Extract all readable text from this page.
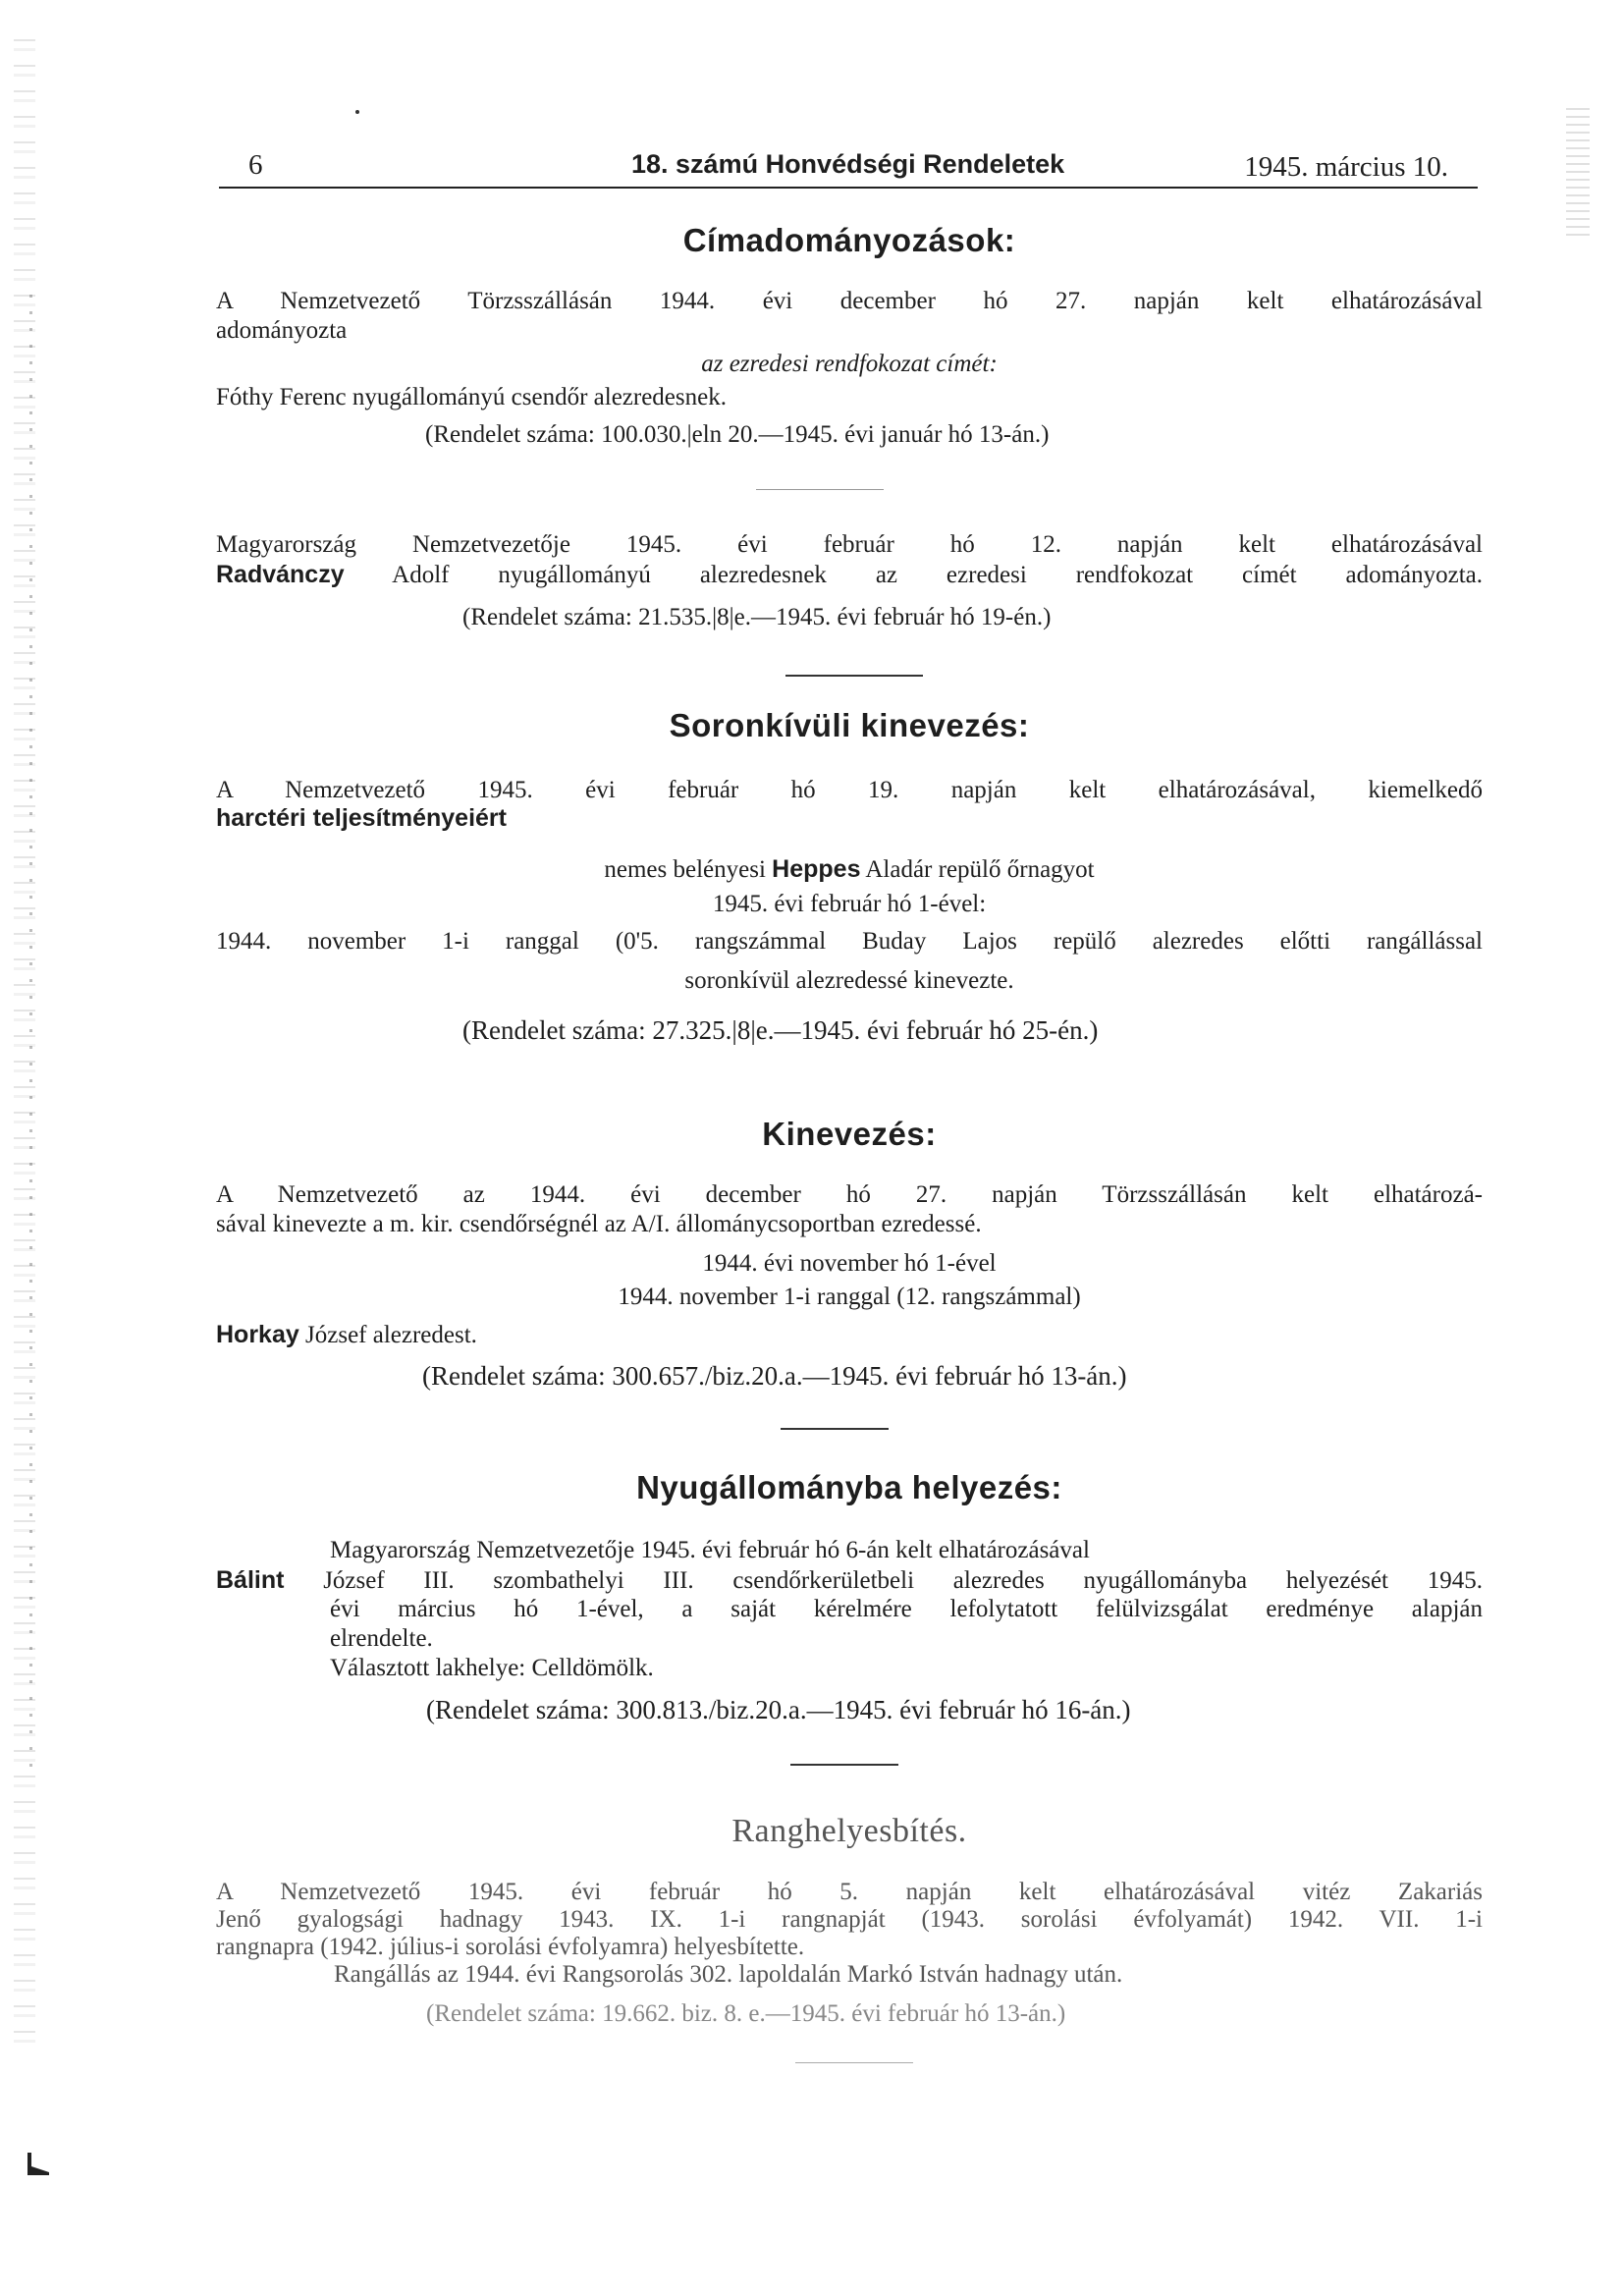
6	18. számú Honvédségi Rendeletek	1945. március 10.
Címadományozások:
A Nemzetvezető Törzsszállásán 1944. évi december hó 27. napján kelt elhatározásával
adományozta
az ezredesi rendfokozat címét:
Fóthy Ferenc nyugállományú csendőr alezredesnek.
(Rendelet száma: 100.030.|eln 20.—1945. évi január hó 13-án.)
Magyarország Nemzetvezetője 1945. évi február hó 12. napján kelt elhatározásával
Radvánczy Adolf nyugállományú alezredesnek az ezredesi rendfokozat címét adományozta.
(Rendelet száma: 21.535.|8|e.—1945. évi február hó 19-én.)
Soronkívüli kinevezés:
A Nemzetvezető 1945. évi február hó 19. napján kelt elhatározásával, kiemelkedő
harctéri teljesítményeiért
nemes belényesi Heppes Aladár repülő őrnagyot
1945. évi február hó 1-ével:
1944. november 1-i ranggal (0'5. rangszámmal Buday Lajos repülő alezredes előtti rangállással
soronkívül alezredessé kinevezte.
(Rendelet száma: 27.325.|8|e.—1945. évi február hó 25-én.)
Kinevezés:
A Nemzetvezető az 1944. évi december hó 27. napján Törzsszállásán kelt elhatározá-
sával kinevezte a m. kir. csendőrségnél az A/I. állománycsoportban ezredessé.
1944. évi november hó 1-ével
1944. november 1-i ranggal (12. rangszámmal)
Horkay József alezredest.
(Rendelet száma: 300.657./biz.20.a.—1945. évi február hó 13-án.)
Nyugállományba helyezés:
Magyarország Nemzetvezetője 1945. évi február hó 6-án kelt elhatározásával
Bálint József III. szombathelyi III. csendőrkerületbeli alezredes nyugállományba helyezését 1945.
évi március hó 1-ével, a saját kérelmére lefolytatott felülvizsgálat eredménye alapján
elrendelte.
Választott lakhelye: Celldömölk.
(Rendelet száma: 300.813./biz.20.a.—1945. évi február hó 16-án.)
Ranghelyesbítés.
A Nemzetvezető 1945. évi február hó 5. napján kelt elhatározásával vitéz Zakariás
Jenő gyalogsági hadnagy 1943. IX. 1-i rangnapját (1943. sorolási évfolyamát) 1942. VII. 1-i
rangnapra (1942. július-i sorolási évfolyamra) helyesbítette.
Rangállás az 1944. évi Rangsorolás 302. lapoldalán Markó István hadnagy után.
(Rendelet száma: 19.662. biz. 8. e.—1945. évi február hó 13-án.)
